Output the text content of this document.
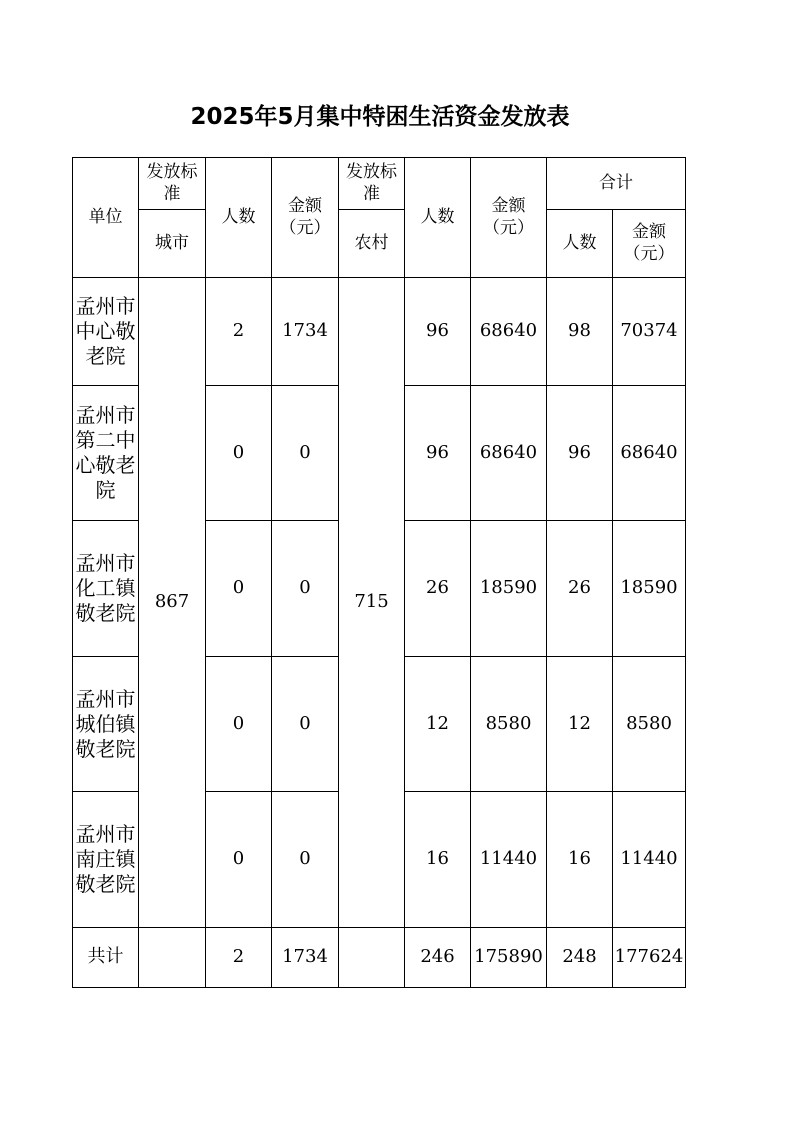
2025年5月集中特困生活资金发放表
单位	发放标准	人数	金额（元）	发放标准	人数	金额（元）	合计	
	城市			农村			人数	金额（元）
孟州市中心敬老院	867	2	1734	715	96	68640	98	70374
孟州市第二中心敬老院		0	0		96	68640	96	68640
孟州市化工镇敬老院		0	0		26	18590	26	18590
孟州市城伯镇敬老院		0	0		12	8580	12	8580
孟州市南庄镇敬老院		0	0		16	11440	16	11440
共计		2	1734		246	175890	248	177624
